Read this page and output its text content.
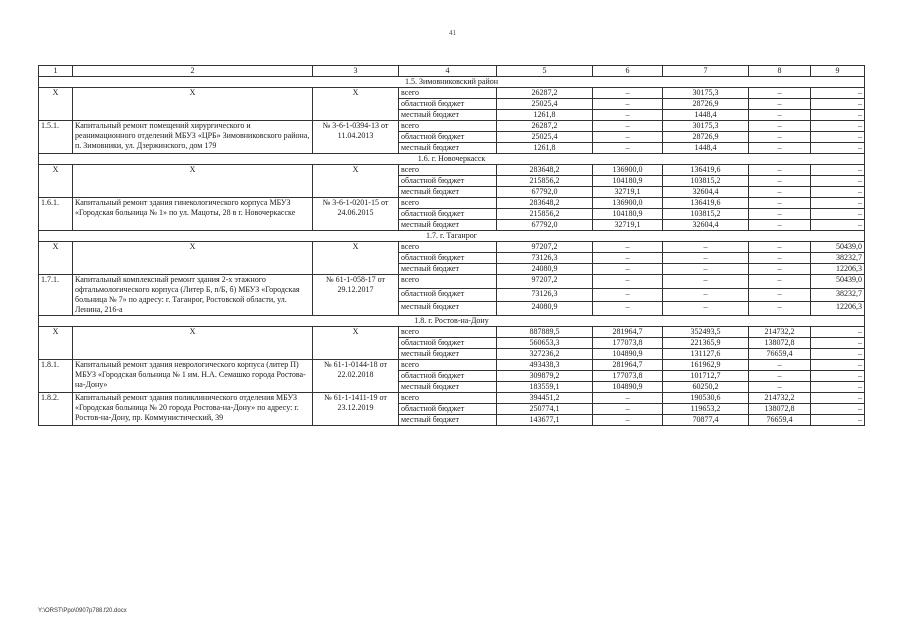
41
1	2	3	4	5	6	7	8	9
1.5. Зимовниковский район								
X	X	X	всего	26287,2	–	30175,3	–	–
			областной бюджет	25025,4	–	28726,9	–	–
			местный бюджет	1261,8	–	1448,4	–	–
1.5.1.	Капитальный ремонт помещений хирургического и реанимационного отделений МБУЗ «ЦРБ» Зимовниковского района, п. Зимовники, ул. Дзержинского, дом 179	№ 3-6-1-0394-13 от 11.04.2013	всего	26287,2	–	30175,3	–	–
			областной бюджет	25025,4	–	28726,9	–	–
			местный бюджет	1261,8	–	1448,4	–	–
1.6. г. Новочеркасск								
X	X	X	всего	283648,2	136900,0	136419,6	–	–
			областной бюджет	215856,2	104180,9	103815,2	–	–
			местный бюджет	67792,0	32719,1	32604,4	–	–
1.6.1.	Капитальный ремонт здания гинекологического корпуса МБУЗ «Городская больница № 1» по ул. Мацоты, 28 в г. Новочеркасске	№ 3-6-1-0201-15 от 24.06.2015	всего	283648,2	136900,0	136419,6	–	–
			областной бюджет	215856,2	104180,9	103815,2	–	–
			местный бюджет	67792,0	32719,1	32604,4	–	–
1.7. г. Таганрог								
X	X	X	всего	97207,2	–	–	–	50439,0
			областной бюджет	73126,3	–	–	–	38232,7
			местный бюджет	24080,9	–	–	–	12206,3
1.7.1.	Капитальный комплексный ремонт здания 2-х этажного офтальмологического корпуса (Литер Б, п/Б, б) МБУЗ «Городская больница № 7» по адресу: г. Таганрог, Ростовской области, ул. Ленина, 216-а	№ 61-1-058-17 от 29.12.2017	всего	97207,2	–	–	–	50439,0
			областной бюджет	73126,3	–	–	–	38232,7
			местный бюджет	24080,9	–	–	–	12206,3
1.8. г. Ростов-на-Дону								
X	X	X	всего	887889,5	281964,7	352493,5	214732,2	–
			областной бюджет	560653,3	177073,8	221365,9	138072,8	–
			местный бюджет	327236,2	104890,9	131127,6	76659,4	–
1.8.1.	Капитальный ремонт здания неврологического корпуса (литер П) МБУЗ «Городская больница № 1 им. Н.А. Семашко города Ростова-на-Дону»	№ 61-1-0144-18 от 22.02.2018	всего	493438,3	281964,7	161962,9	–	–
			областной бюджет	309879,2	177073,8	101712,7	–	–
			местный бюджет	183559,1	104890,9	60250,2	–	–
1.8.2.	Капитальный ремонт здания поликлинического отделения МБУЗ «Городская больница № 20 города Ростова-на-Дону» по адресу: г. Ростов-на-Дону, пр. Коммунистический, 39	№ 61-1-1411-19 от 23.12.2019	всего	394451,2	–	190530,6	214732,2	–
			областной бюджет	250774,1	–	119653,2	138072,8	–
			местный бюджет	143677,1	–	70877,4	76659,4	–
Y:\ORST\Ppo\0907p788.f20.docx
